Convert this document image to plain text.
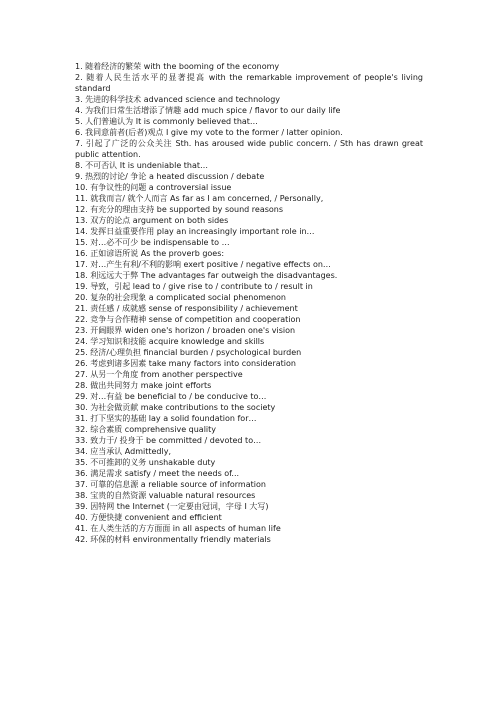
1. 随着经济的繁荣 with the booming of the economy

2. 随着人民生活水平的显著提高 with the remarkable improvement of people's living standard

3. 先进的科学技术 advanced science and technology

4. 为我们日常生活增添了情趣 add much spice / flavor to our daily life

5. 人们普遍认为 It is commonly believed that…

6. 我同意前者(后者)观点 I give my vote to the former / latter opinion.

7. 引起了广泛的公众关注 Sth. has aroused wide public concern. / Sth has drawn great public attention.

8. 不可否认 It is undeniable that…

9. 热烈的讨论/ 争论 a heated discussion / debate

10. 有争议性的问题 a controversial issue

11. 就我而言/ 就个人而言 As far as I am concerned, / Personally,

12. 有充分的理由支持 be supported by sound reasons

13. 双方的论点 argument on both sides

14. 发挥日益重要作用 play an increasingly important role in…

15. 对…必不可少 be indispensable to …

16. 正如谚语所说 As the proverb goes:

17. 对…产生有利/不利的影响 exert positive / negative effects on…

18. 利远远大于弊 The advantages far outweigh the disadvantages.

19. 导致，引起 lead to / give rise to / contribute to / result in

20. 复杂的社会现象 a complicated social phenomenon

21. 责任感 / 成就感 sense of responsibility / achievement

22. 竞争与合作精神 sense of competition and cooperation

23. 开阔眼界 widen one's horizon / broaden one's vision

24. 学习知识和技能 acquire knowledge and skills

25. 经济/心理负担 financial burden / psychological burden

26. 考虑到诸多因素 take many factors into consideration

27. 从另一个角度 from another perspective

28. 做出共同努力 make joint efforts

29. 对…有益 be beneficial to / be conducive to…

30. 为社会做贡献 make contributions to the society

31. 打下坚实的基础 lay a solid foundation for…

32. 综合素质 comprehensive quality

33. 致力于/ 投身于 be committed / devoted to…

34. 应当承认 Admittedly,

35. 不可推卸的义务 unshakable duty

36. 满足需求 satisfy / meet the needs of...

37. 可靠的信息源 a reliable source of information

38. 宝贵的自然资源 valuable natural resources

39. 因特网 the Internet (一定要由冠词，字母 I 大写)

40. 方便快捷 convenient and efficient

41. 在人类生活的方方面面 in all aspects of human life

42. 环保的材料 environmentally friendly materials
